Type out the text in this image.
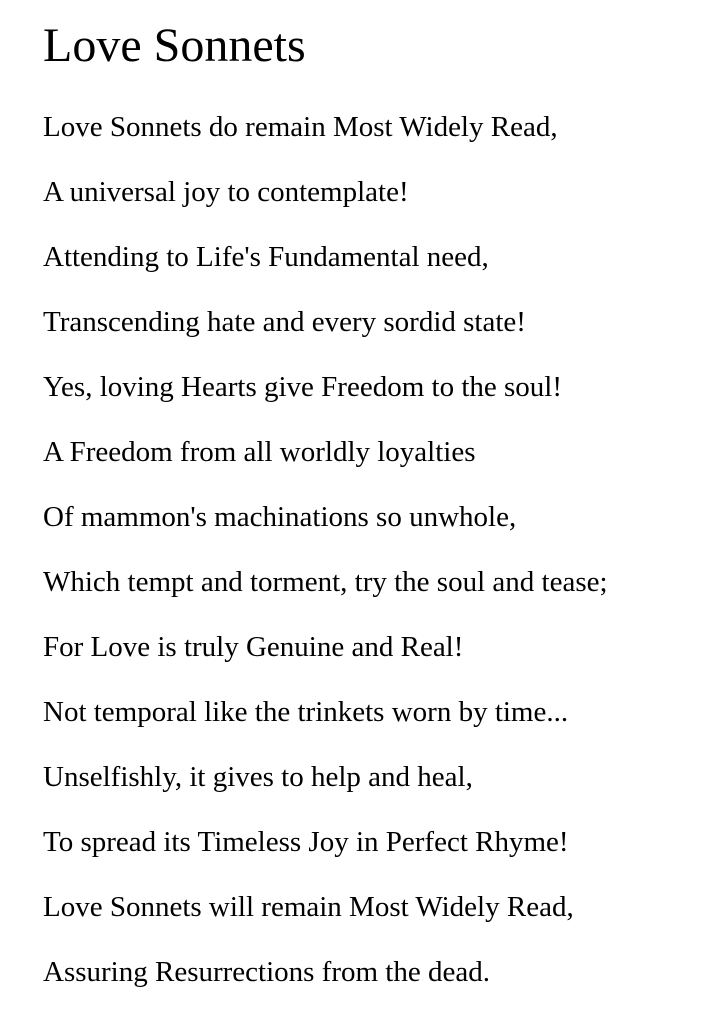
Love Sonnets
Love Sonnets do remain Most Widely Read,
A universal joy to contemplate!
Attending to Life's Fundamental need,
Transcending hate and every sordid state!
Yes, loving Hearts give Freedom to the soul!
A Freedom from all worldly loyalties
Of mammon's machinations so unwhole,
Which tempt and torment, try the soul and tease;
For Love is truly Genuine and Real!
Not temporal like the trinkets worn by time...
Unselfishly, it gives to help and heal,
To spread its Timeless Joy in Perfect Rhyme!
Love Sonnets will remain Most Widely Read,
Assuring Resurrections from the dead.
